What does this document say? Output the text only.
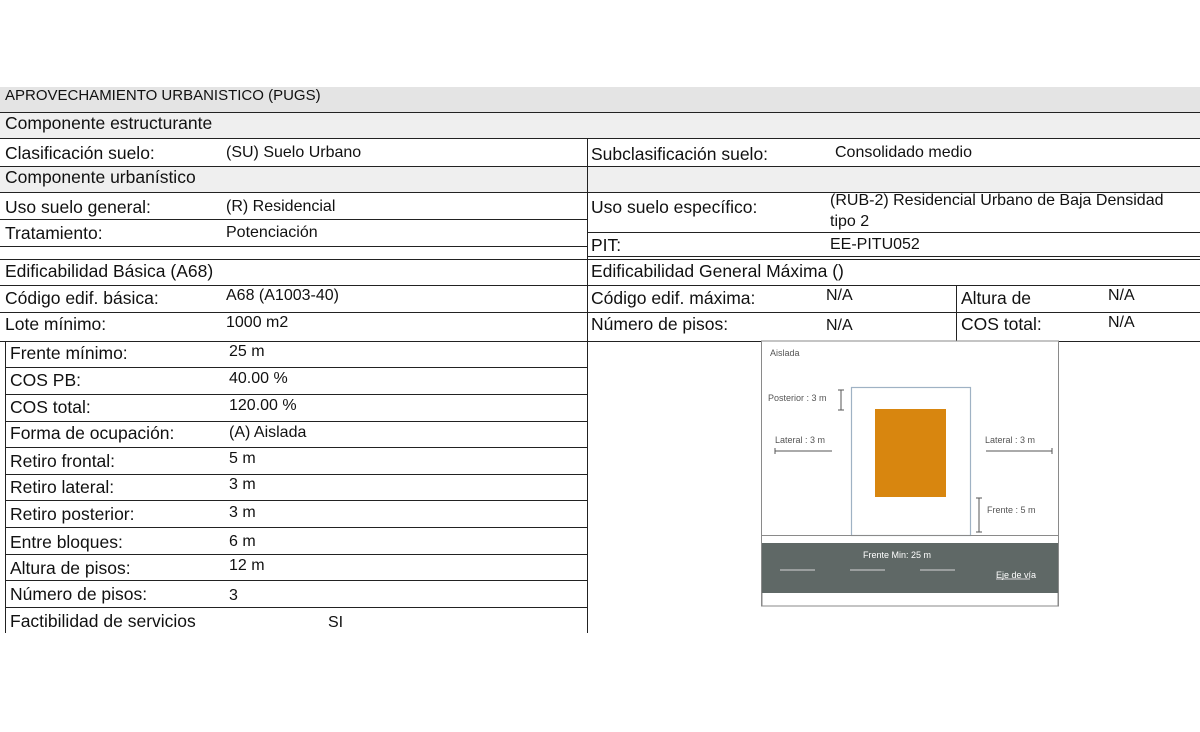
APROVECHAMIENTO URBANISTICO (PUGS)
Componente estructurante
Clasificación suelo:	(SU) Suelo Urbano	Subclasificación suelo:	Consolidado medio
Componente urbanístico
Uso suelo general:	(R) Residencial	Uso suelo específico:	(RUB-2) Residencial Urbano de Baja Densidad
tipo 2
Tratamiento:	Potenciación
PIT:	EE-PITU052
Edificabilidad Básica (A68)	Edificabilidad General Máxima ()
Código edif. básica:	A68 (A1003-40)	Código edif. máxima:	N/A	Altura de	N/A
Lote mínimo:	1000 m2	Número de pisos:	N/A	COS total:	N/A
Frente mínimo:	25 m
COS PB:	40.00 %
COS total:	120.00 %
Forma de ocupación:	(A) Aislada
Retiro frontal:	5 m
Retiro lateral:	3 m
Retiro posterior:	3 m
Entre bloques:	6 m
Altura de pisos:	12 m
Número de pisos:	3
Factibilidad de servicios	SI
Aislada
Posterior : 3 m
Lateral : 3 m	Lateral : 3 m
Frente : 5 m
Frente Min: 25 m
Eje de vía
